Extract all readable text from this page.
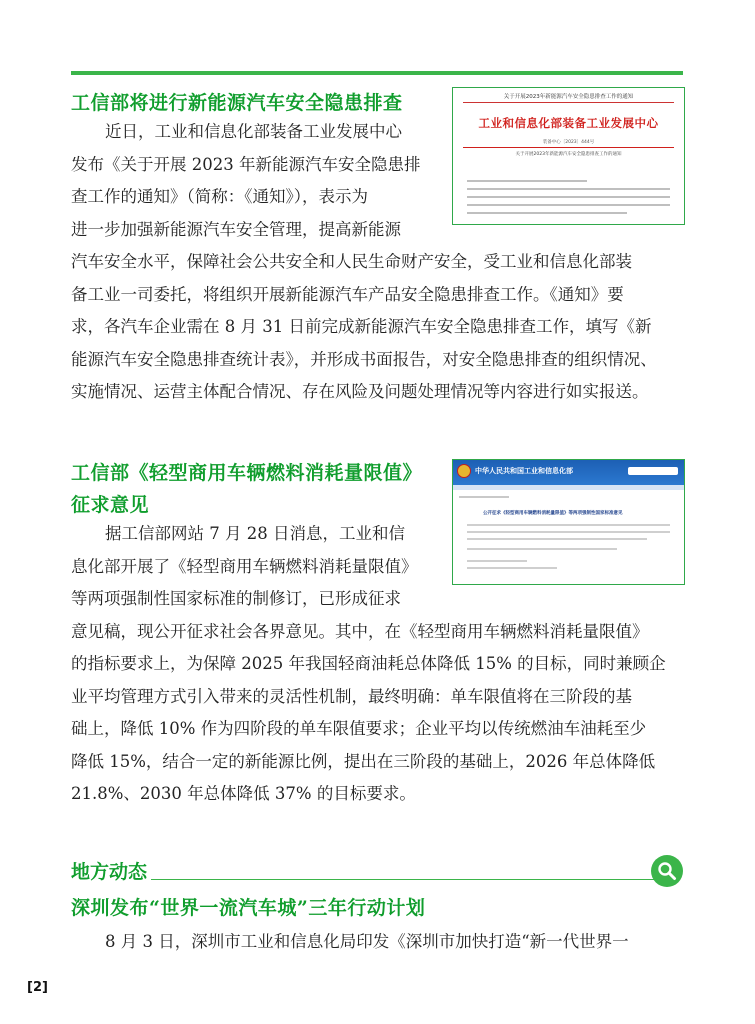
工信部将进行新能源汽车安全隐患排查	关于开展2023年新能源汽车安全隐患排查工作的通知
工业和信息化部装备工业发展中心
装备中心〔2023〕444号
关于开展2023年新能源汽车安全隐患排查工作的通知
近日，工业和信息化部装备工业发展中心
发布《关于开展 2023 年新能源汽车安全隐患排
查工作的通知》（简称：《通知》），表示为
进一步加强新能源汽车安全管理，提高新能源
汽车安全水平，保障社会公共安全和人民生命财产安全，受工业和信息化部装
备工业一司委托，将组织开展新能源汽车产品安全隐患排查工作。《通知》要
求，各汽车企业需在 8 月 31 日前完成新能源汽车安全隐患排查工作，填写《新
能源汽车安全隐患排查统计表》，并形成书面报告，对安全隐患排查的组织情况、
实施情况、运营主体配合情况、存在风险及问题处理情况等内容进行如实报送。
工信部《轻型商用车辆燃料消耗量限值》
征求意见
中华人民共和国工业和信息化部
公开征求《轻型商用车辆燃料消耗量限值》等两项强制性国家标准意见
据工信部网站 7 月 28 日消息，工业和信
息化部开展了《轻型商用车辆燃料消耗量限值》
等两项强制性国家标准的制修订，已形成征求
意见稿，现公开征求社会各界意见。其中，在《轻型商用车辆燃料消耗量限值》
的指标要求上，为保障 2025 年我国轻商油耗总体降低 15% 的目标，同时兼顾企
业平均管理方式引入带来的灵活性机制，最终明确：单车限值将在三阶段的基
础上，降低 10% 作为四阶段的单车限值要求；企业平均以传统燃油车油耗至少
降低 15%，结合一定的新能源比例，提出在三阶段的基础上，2026 年总体降低
21.8%、2030 年总体降低 37% 的目标要求。
地方动态
深圳发布“世界一流汽车城”三年行动计划
8 月 3 日，深圳市工业和信息化局印发《深圳市加快打造“新一代世界一
[2]
